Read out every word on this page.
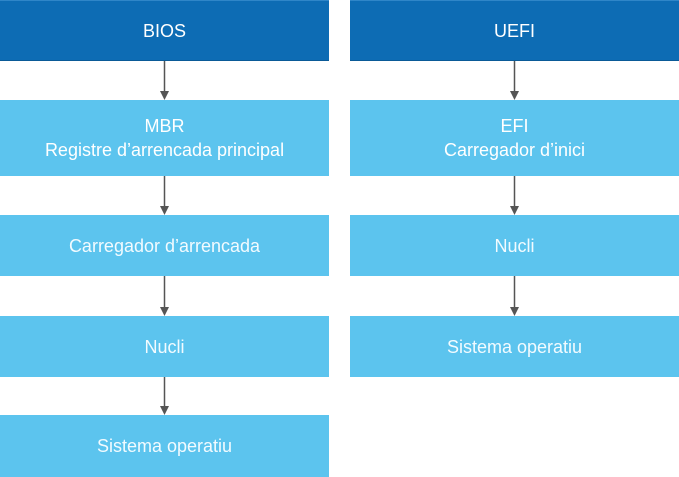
BIOS
MBR
Registre d’arrencada principal
Carregador d’arrencada
Nucli
Sistema operatiu
UEFI
EFI
Carregador d’inici
Nucli
Sistema operatiu
